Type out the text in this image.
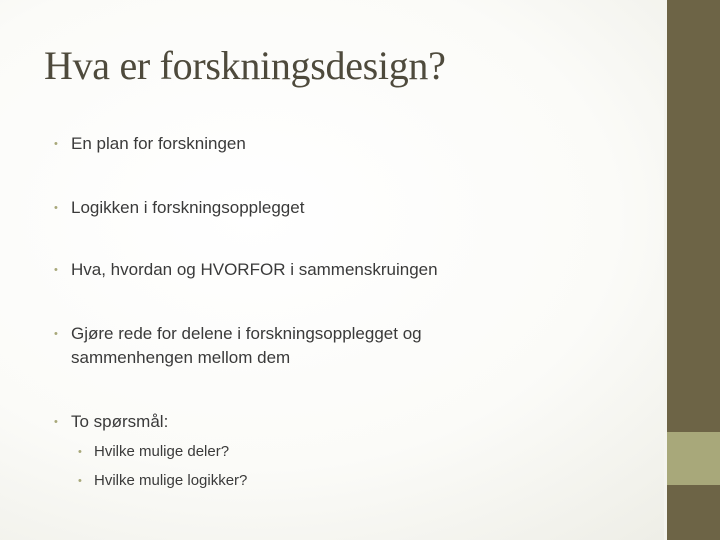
Hva er forskningsdesign?
• En plan for forskningen
• Logikken i forskningsopplegget
• Hva, hvordan og HVORFOR i sammenskruingen
• Gjøre rede for delene i forskningsopplegget og sammenhengen mellom dem
• To spørsmål:
• Hvilke mulige deler?
• Hvilke mulige logikker?
